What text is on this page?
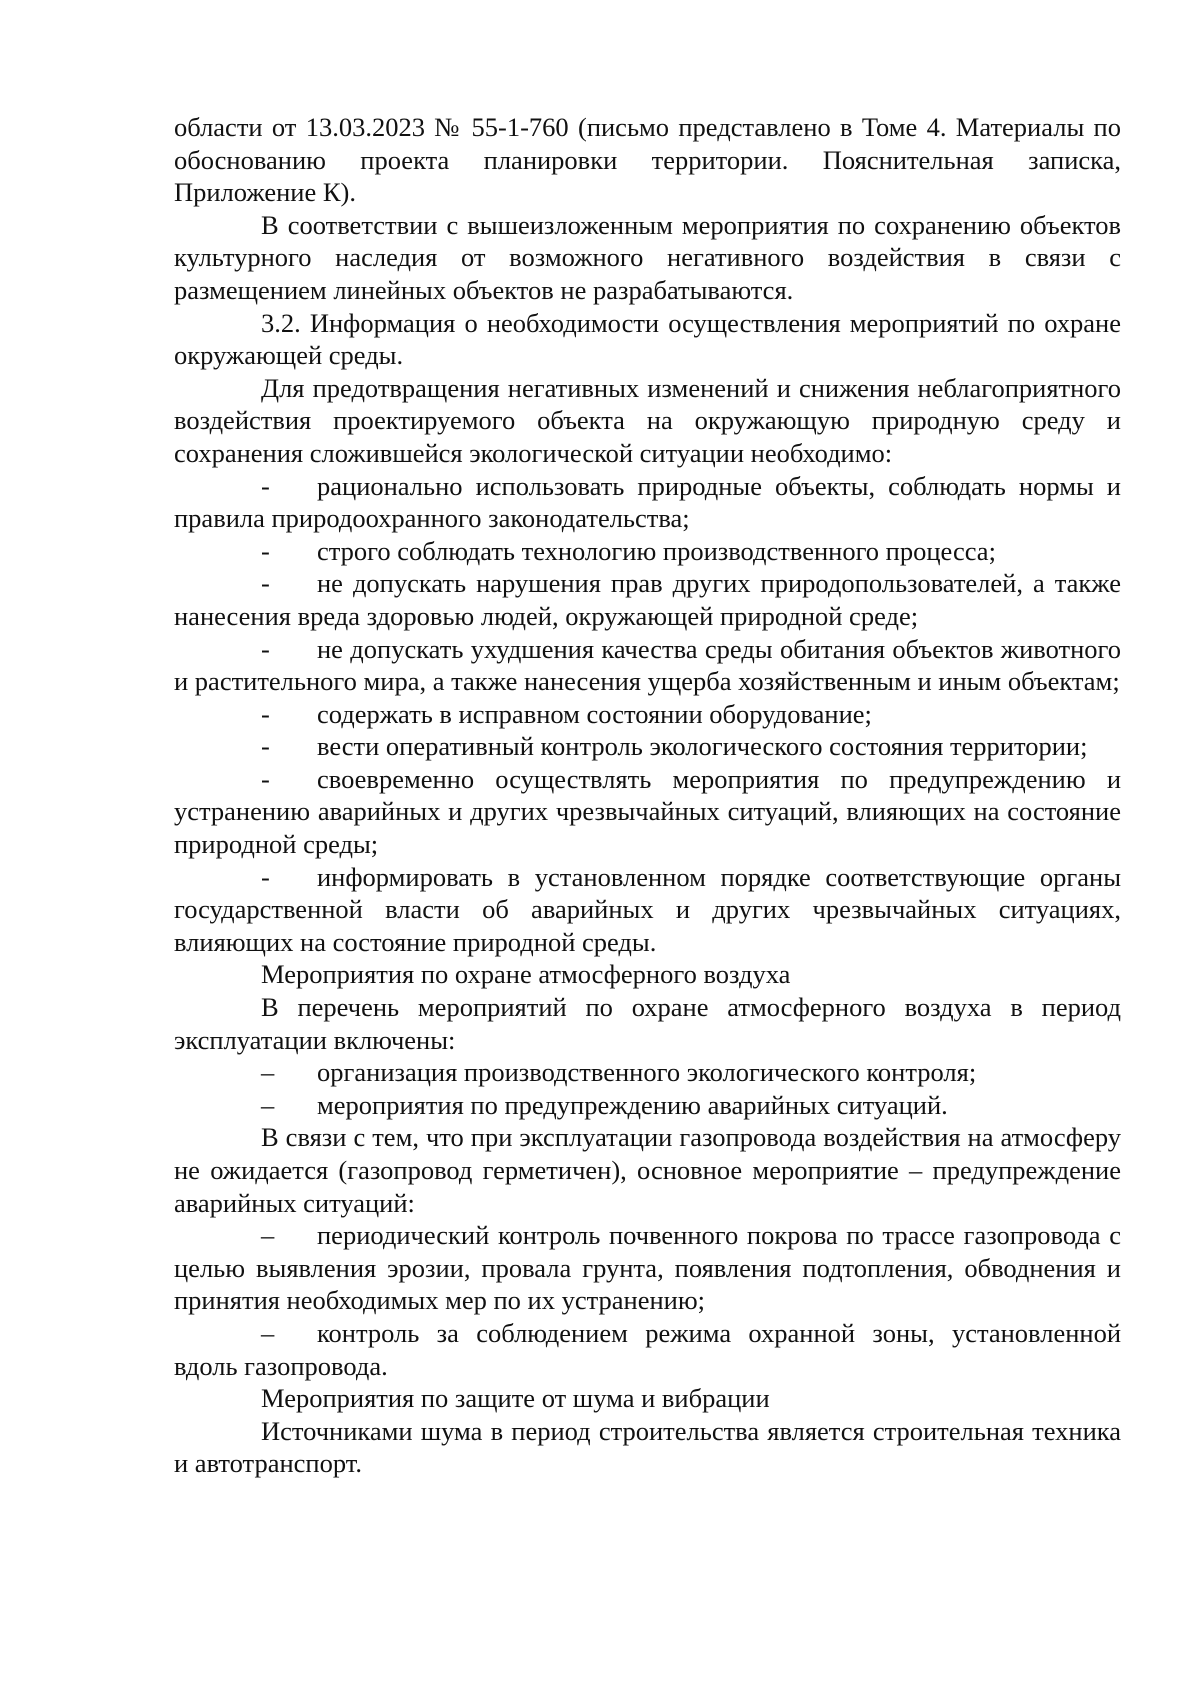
области от 13.03.2023 № 55-1-760 (письмо представлено в Томе 4. Материалы по обоснованию проекта планировки территории. Пояснительная записка, Приложение К).

В соответствии с вышеизложенным мероприятия по сохранению объектов культурного наследия от возможного негативного воздействия в связи с размещением линейных объектов не разрабатываются.

3.2. Информация о необходимости осуществления мероприятий по охране окружающей среды.

Для предотвращения негативных изменений и снижения неблагоприятного воздействия проектируемого объекта на окружающую природную среду и сохранения сложившейся экологической ситуации необходимо:

- рационально использовать природные объекты, соблюдать нормы и правила природоохранного законодательства;

- строго соблюдать технологию производственного процесса;

- не допускать нарушения прав других природопользователей, а также нанесения вреда здоровью людей, окружающей природной среде;

- не допускать ухудшения качества среды обитания объектов животного и растительного мира, а также нанесения ущерба хозяйственным и иным объектам;

- содержать в исправном состоянии оборудование;

- вести оперативный контроль экологического состояния территории;

- своевременно осуществлять мероприятия по предупреждению и устранению аварийных и других чрезвычайных ситуаций, влияющих на состояние природной среды;

- информировать в установленном порядке соответствующие органы государственной власти об аварийных и других чрезвычайных ситуациях, влияющих на состояние природной среды.

Мероприятия по охране атмосферного воздуха

В перечень мероприятий по охране атмосферного воздуха в период эксплуатации включены:

– организация производственного экологического контроля;

– мероприятия по предупреждению аварийных ситуаций.

В связи с тем, что при эксплуатации газопровода воздействия на атмосферу не ожидается (газопровод герметичен), основное мероприятие – предупреждение аварийных ситуаций:

– периодический контроль почвенного покрова по трассе газопровода с целью выявления эрозии, провала грунта, появления подтопления, обводнения и принятия необходимых мер по их устранению;

– контроль за соблюдением режима охранной зоны, установленной вдоль газопровода.

Мероприятия по защите от шума и вибрации

Источниками шума в период строительства является строительная техника и автотранспорт.
